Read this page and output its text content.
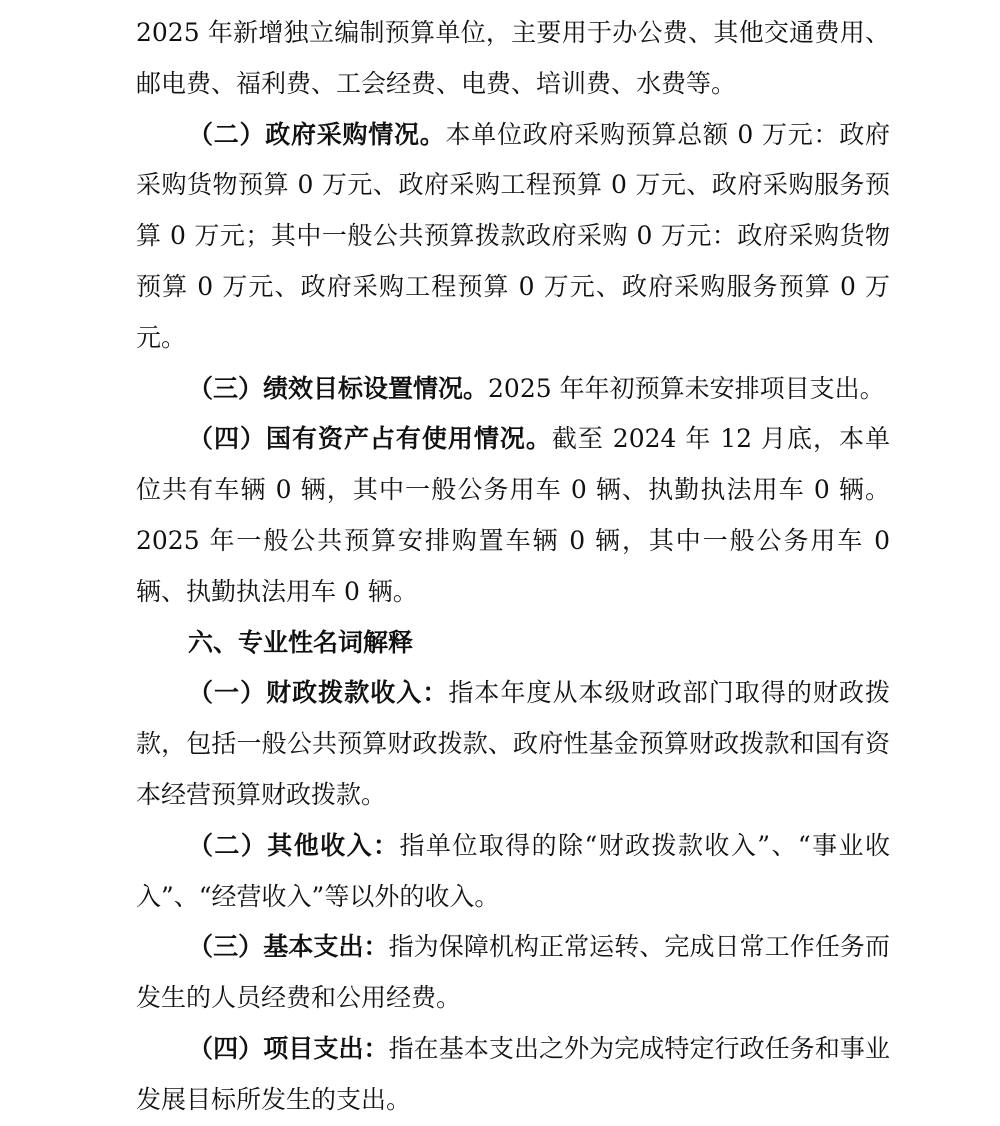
2025 年新增独立编制预算单位，主要用于办公费、其他交通费用、邮电费、福利费、工会经费、电费、培训费、水费等。

（二）政府采购情况。本单位政府采购预算总额 0 万元：政府采购货物预算 0 万元、政府采购工程预算 0 万元、政府采购服务预算 0 万元；其中一般公共预算拨款政府采购 0 万元：政府采购货物预算 0 万元、政府采购工程预算 0 万元、政府采购服务预算 0 万元。

（三）绩效目标设置情况。2025 年年初预算未安排项目支出。

（四）国有资产占有使用情况。截至 2024 年 12 月底，本单位共有车辆 0 辆，其中一般公务用车 0 辆、执勤执法用车 0 辆。2025 年一般公共预算安排购置车辆 0 辆，其中一般公务用车 0 辆、执勤执法用车 0 辆。

六、专业性名词解释

（一）财政拨款收入：指本年度从本级财政部门取得的财政拨款，包括一般公共预算财政拨款、政府性基金预算财政拨款和国有资本经营预算财政拨款。

（二）其他收入：指单位取得的除“财政拨款收入”、“事业收入”、“经营收入”等以外的收入。

（三）基本支出：指为保障机构正常运转、完成日常工作任务而发生的人员经费和公用经费。

（四）项目支出：指在基本支出之外为完成特定行政任务和事业发展目标所发生的支出。
